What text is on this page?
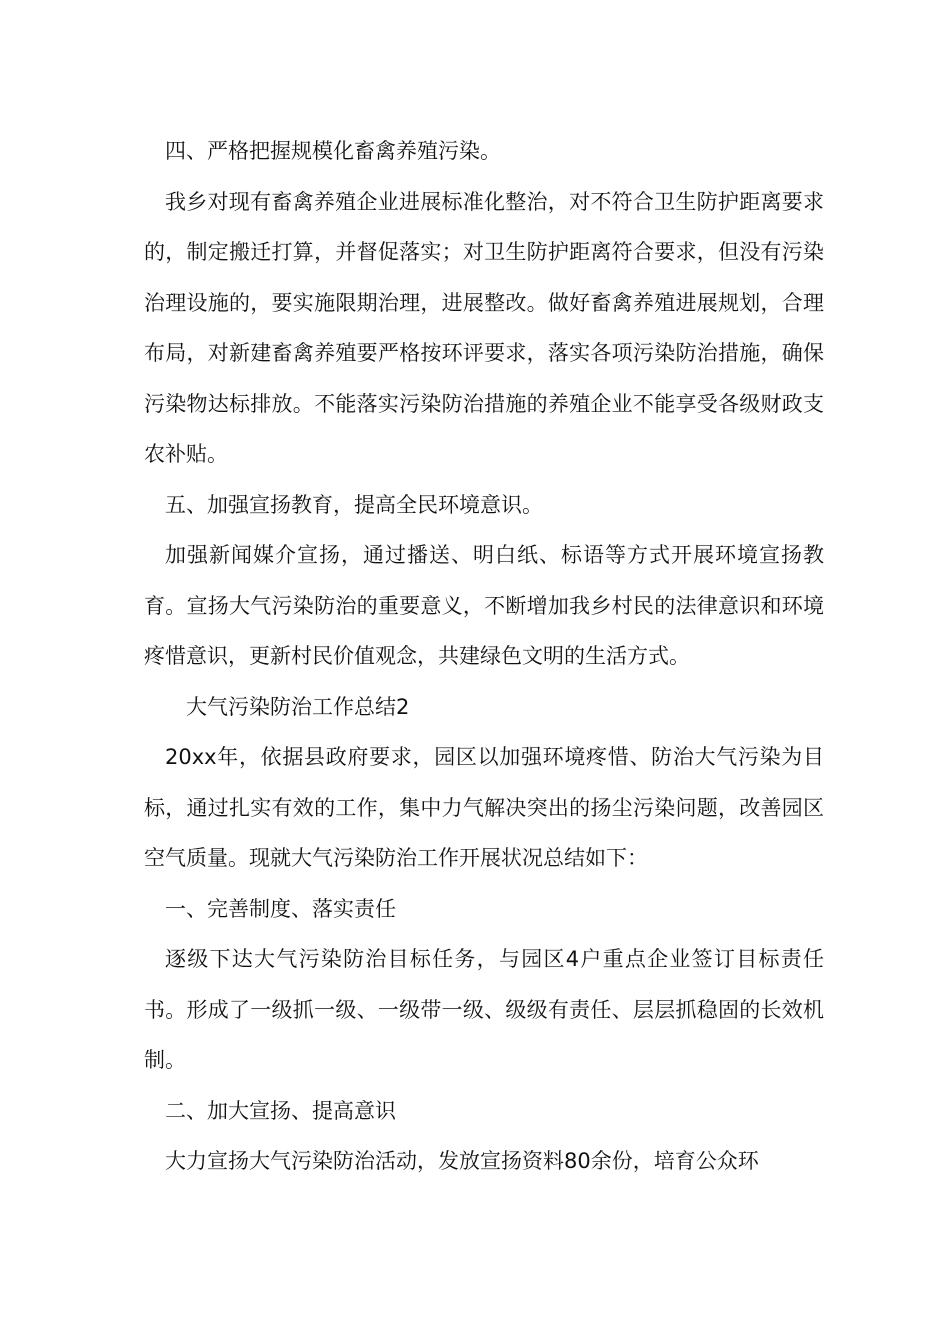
四、严格把握规模化畜禽养殖污染。

我乡对现有畜禽养殖企业进展标准化整治，对不符合卫生防护距离要求的，制定搬迁打算，并督促落实；对卫生防护距离符合要求，但没有污染治理设施的，要实施限期治理，进展整改。做好畜禽养殖进展规划，合理布局，对新建畜禽养殖要严格按环评要求，落实各项污染防治措施，确保污染物达标排放。不能落实污染防治措施的养殖企业不能享受各级财政支农补贴。

五、加强宣扬教育，提高全民环境意识。

加强新闻媒介宣扬，通过播送、明白纸、标语等方式开展环境宣扬教育。宣扬大气污染防治的重要意义，不断增加我乡村民的法律意识和环境疼惜意识，更新村民价值观念，共建绿色文明的生活方式。

大气污染防治工作总结2

20xx年，依据县政府要求，园区以加强环境疼惜、防治大气污染为目标，通过扎实有效的工作，集中力气解决突出的扬尘污染问题，改善园区空气质量。现就大气污染防治工作开展状况总结如下：

一、完善制度、落实责任

逐级下达大气污染防治目标任务，与园区4户重点企业签订目标责任书。形成了一级抓一级、一级带一级、级级有责任、层层抓稳固的长效机制。

二、加大宣扬、提高意识

大力宣扬大气污染防治活动，发放宣扬资料80余份，培育公众环
